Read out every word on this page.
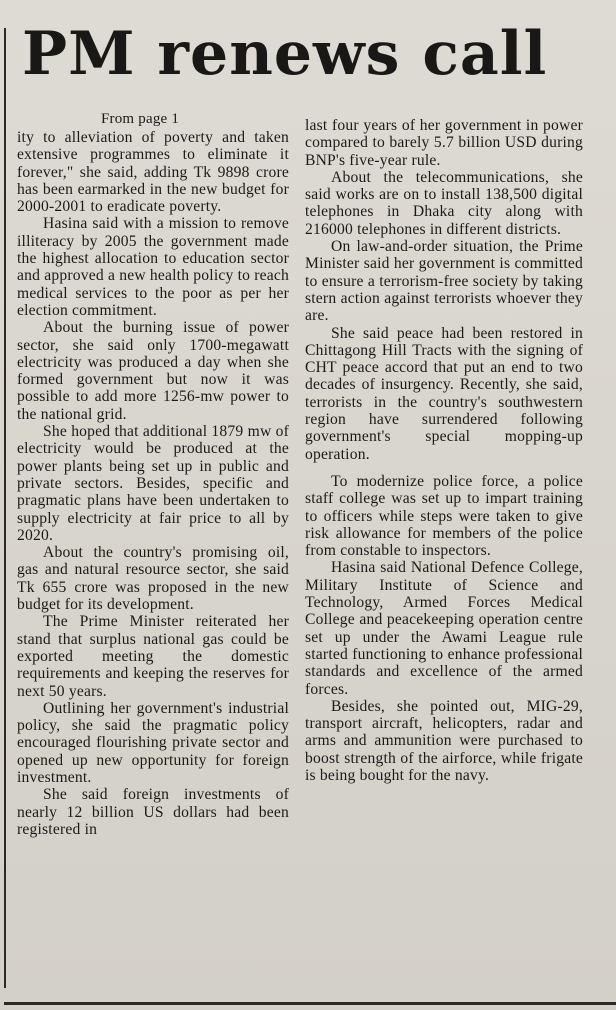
PM renews call
From page 1

ity to alleviation of poverty and taken extensive programmes to eliminate it forever," she said, adding Tk 9898 crore has been earmarked in the new budget for 2000-2001 to eradicate poverty.

Hasina said with a mission to remove illiteracy by 2005 the government made the highest allocation to education sector and approved a new health policy to reach medical services to the poor as per her election commitment.

About the burning issue of power sector, she said only 1700-megawatt electricity was produced a day when she formed government but now it was possible to add more 1256-mw power to the national grid.

She hoped that additional 1879 mw of electricity would be produced at the power plants being set up in public and private sectors. Besides, specific and pragmatic plans have been undertaken to supply electricity at fair price to all by 2020.

About the country's promising oil, gas and natural resource sector, she said Tk 655 crore was proposed in the new budget for its development.

The Prime Minister reiterated her stand that surplus national gas could be exported meeting the domestic requirements and keeping the reserves for next 50 years.

Outlining her government's industrial policy, she said the pragmatic policy encouraged flourishing private sector and opened up new opportunity for foreign investment.

She said foreign investments of nearly 12 billion US dollars had been registered in

last four years of her government in power compared to barely 5.7 billion USD during BNP's five-year rule.

About the telecommunications, she said works are on to install 138,500 digital telephones in Dhaka city along with 216000 telephones in different districts.

On law-and-order situation, the Prime Minister said her government is committed to ensure a terrorism-free society by taking stern action against terrorists whoever they are.

She said peace had been restored in Chittagong Hill Tracts with the signing of CHT peace accord that put an end to two decades of insurgency. Recently, she said, terrorists in the country's southwestern region have surrendered following government's special mopping-up operation.

To modernize police force, a police staff college was set up to impart training to officers while steps were taken to give risk allowance for members of the police from constable to inspectors.

Hasina said National Defence College, Military Institute of Science and Technology, Armed Forces Medical College and peacekeeping operation centre set up under the Awami League rule started functioning to enhance professional standards and excellence of the armed forces.

Besides, she pointed out, MIG-29, transport aircraft, helicopters, radar and arms and ammunition were purchased to boost strength of the airforce, while frigate is being bought for the navy.
